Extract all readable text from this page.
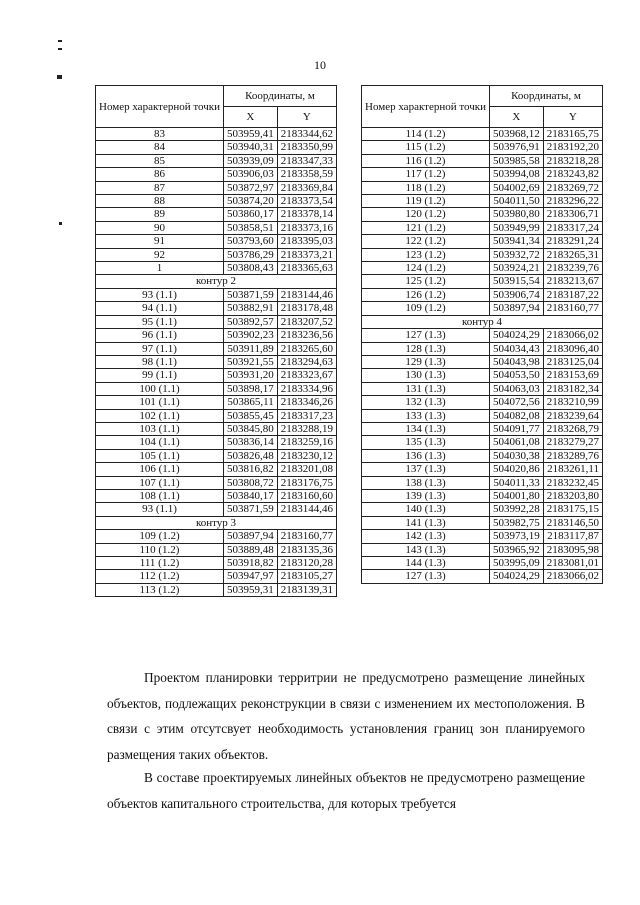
10
Номер характерной точки	Координаты, м	
	X	Y
83	503959,41	2183344,62
84	503940,31	2183350,99
85	503939,09	2183347,33
86	503906,03	2183358,59
87	503872,97	2183369,84
88	503874,20	2183373,54
89	503860,17	2183378,14
90	503858,51	2183373,16
91	503793,60	2183395,03
92	503786,29	2183373,21
1	503808,43	2183365,63
контур 2		
93 (1.1)	503871,59	2183144,46
94 (1.1)	503882,91	2183178,48
95 (1.1)	503892,57	2183207,52
96 (1.1)	503902,23	2183236,56
97 (1.1)	503911,89	2183265,60
98 (1.1)	503921,55	2183294,63
99 (1.1)	503931,20	2183323,67
100 (1.1)	503898,17	2183334,96
101 (1.1)	503865,11	2183346,26
102 (1.1)	503855,45	2183317,23
103 (1.1)	503845,80	2183288,19
104 (1.1)	503836,14	2183259,16
105 (1.1)	503826,48	2183230,12
106 (1.1)	503816,82	2183201,08
107 (1.1)	503808,72	2183176,75
108 (1.1)	503840,17	2183160,60
93 (1.1)	503871,59	2183144,46
контур 3		
109 (1.2)	503897,94	2183160,77
110 (1.2)	503889,48	2183135,36
111 (1.2)	503918,82	2183120,28
112 (1.2)	503947,97	2183105,27
113 (1.2)	503959,31	2183139,31
Номер характерной точки	Координаты, м	
	X	Y
114 (1.2)	503968,12	2183165,75
115 (1.2)	503976,91	2183192,20
116 (1.2)	503985,58	2183218,28
117 (1.2)	503994,08	2183243,82
118 (1.2)	504002,69	2183269,72
119 (1.2)	504011,50	2183296,22
120 (1.2)	503980,80	2183306,71
121 (1.2)	503949,99	2183317,24
122 (1.2)	503941,34	2183291,24
123 (1.2)	503932,72	2183265,31
124 (1.2)	503924,21	2183239,76
125 (1.2)	503915,54	2183213,67
126 (1.2)	503906,74	2183187,22
109 (1.2)	503897,94	2183160,77
контур 4		
127 (1.3)	504024,29	2183066,02
128 (1.3)	504034,43	2183096,40
129 (1.3)	504043,98	2183125,04
130 (1.3)	504053,50	2183153,69
131 (1.3)	504063,03	2183182,34
132 (1.3)	504072,56	2183210,99
133 (1.3)	504082,08	2183239,64
134 (1.3)	504091,77	2183268,79
135 (1.3)	504061,08	2183279,27
136 (1.3)	504030,38	2183289,76
137 (1.3)	504020,86	2183261,11
138 (1.3)	504011,33	2183232,45
139 (1.3)	504001,80	2183203,80
140 (1.3)	503992,28	2183175,15
141 (1.3)	503982,75	2183146,50
142 (1.3)	503973,19	2183117,87
143 (1.3)	503965,92	2183095,98
144 (1.3)	503995,09	2183081,01
127 (1.3)	504024,29	2183066,02

Проектом планировки территрии не предусмотрено размещение линейных объектов, подлежащих реконструкции в связи с изменением их местоположения. В связи с этим отсутсвует необходимость установления границ зон планируемого размещения таких объектов.

В составе проектируемых линейных объектов не предусмотрено размещение объектов капитального строительства, для которых требуется
